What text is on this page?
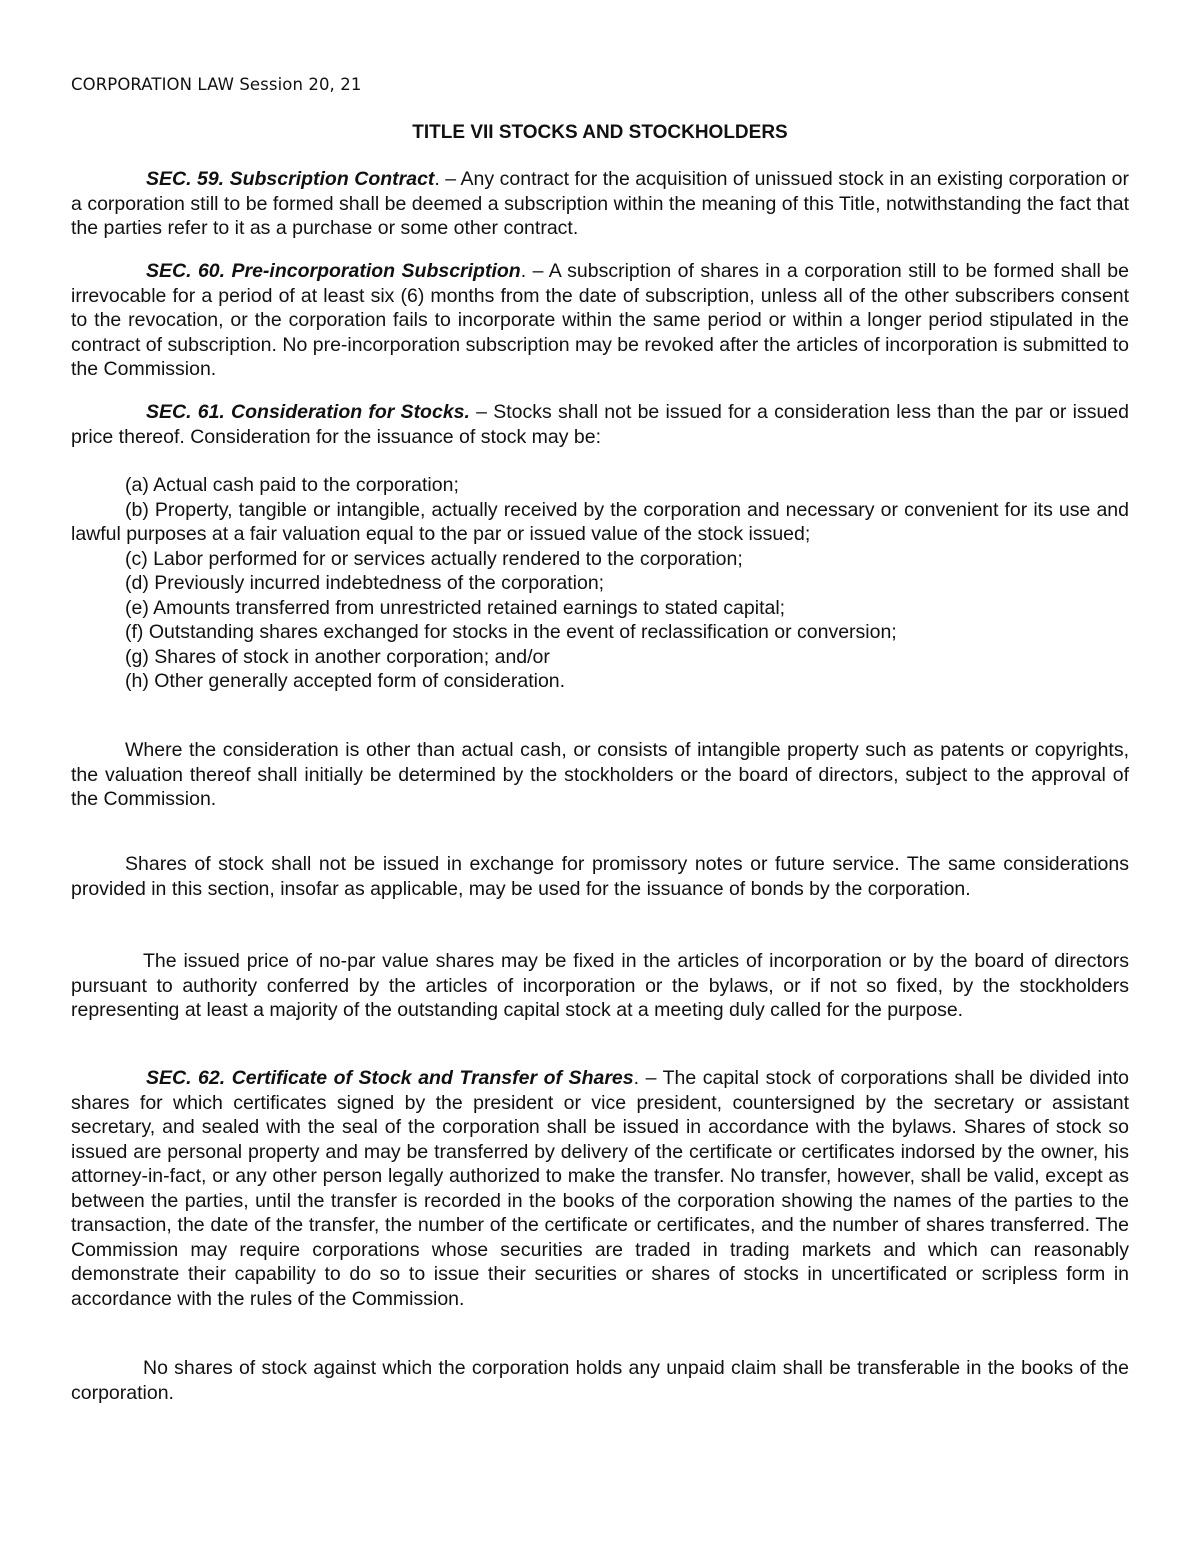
CORPORATION LAW Session 20, 21
TITLE VII STOCKS AND STOCKHOLDERS

SEC. 59. Subscription Contract. – Any contract for the acquisition of unissued stock in an existing corporation or a corporation still to be formed shall be deemed a subscription within the meaning of this Title, notwithstanding the fact that the parties refer to it as a purchase or some other contract.

SEC. 60. Pre-incorporation Subscription. – A subscription of shares in a corporation still to be formed shall be irrevocable for a period of at least six (6) months from the date of subscription, unless all of the other subscribers consent to the revocation, or the corporation fails to incorporate within the same period or within a longer period stipulated in the contract of subscription. No pre-incorporation subscription may be revoked after the articles of incorporation is submitted to the Commission.

SEC. 61. Consideration for Stocks. – Stocks shall not be issued for a consideration less than the par or issued price thereof. Consideration for the issuance of stock may be:

(a) Actual cash paid to the corporation;
(b) Property, tangible or intangible, actually received by the corporation and necessary or convenient for its use and lawful purposes at a fair valuation equal to the par or issued value of the stock issued;
(c) Labor performed for or services actually rendered to the corporation;
(d) Previously incurred indebtedness of the corporation;
(e) Amounts transferred from unrestricted retained earnings to stated capital;
(f) Outstanding shares exchanged for stocks in the event of reclassification or conversion;
(g) Shares of stock in another corporation; and/or
(h) Other generally accepted form of consideration.

Where the consideration is other than actual cash, or consists of intangible property such as patents or copyrights, the valuation thereof shall initially be determined by the stockholders or the board of directors, subject to the approval of the Commission.

Shares of stock shall not be issued in exchange for promissory notes or future service. The same considerations provided in this section, insofar as applicable, may be used for the issuance of bonds by the corporation.

The issued price of no-par value shares may be fixed in the articles of incorporation or by the board of directors pursuant to authority conferred by the articles of incorporation or the bylaws, or if not so fixed, by the stockholders representing at least a majority of the outstanding capital stock at a meeting duly called for the purpose.

SEC. 62. Certificate of Stock and Transfer of Shares. – The capital stock of corporations shall be divided into shares for which certificates signed by the president or vice president, countersigned by the secretary or assistant secretary, and sealed with the seal of the corporation shall be issued in accordance with the bylaws. Shares of stock so issued are personal property and may be transferred by delivery of the certificate or certificates indorsed by the owner, his attorney-in-fact, or any other person legally authorized to make the transfer. No transfer, however, shall be valid, except as between the parties, until the transfer is recorded in the books of the corporation showing the names of the parties to the transaction, the date of the transfer, the number of the certificate or certificates, and the number of shares transferred. The Commission may require corporations whose securities are traded in trading markets and which can reasonably demonstrate their capability to do so to issue their securities or shares of stocks in uncertificated or scripless form in accordance with the rules of the Commission.

No shares of stock against which the corporation holds any unpaid claim shall be transferable in the books of the corporation.
